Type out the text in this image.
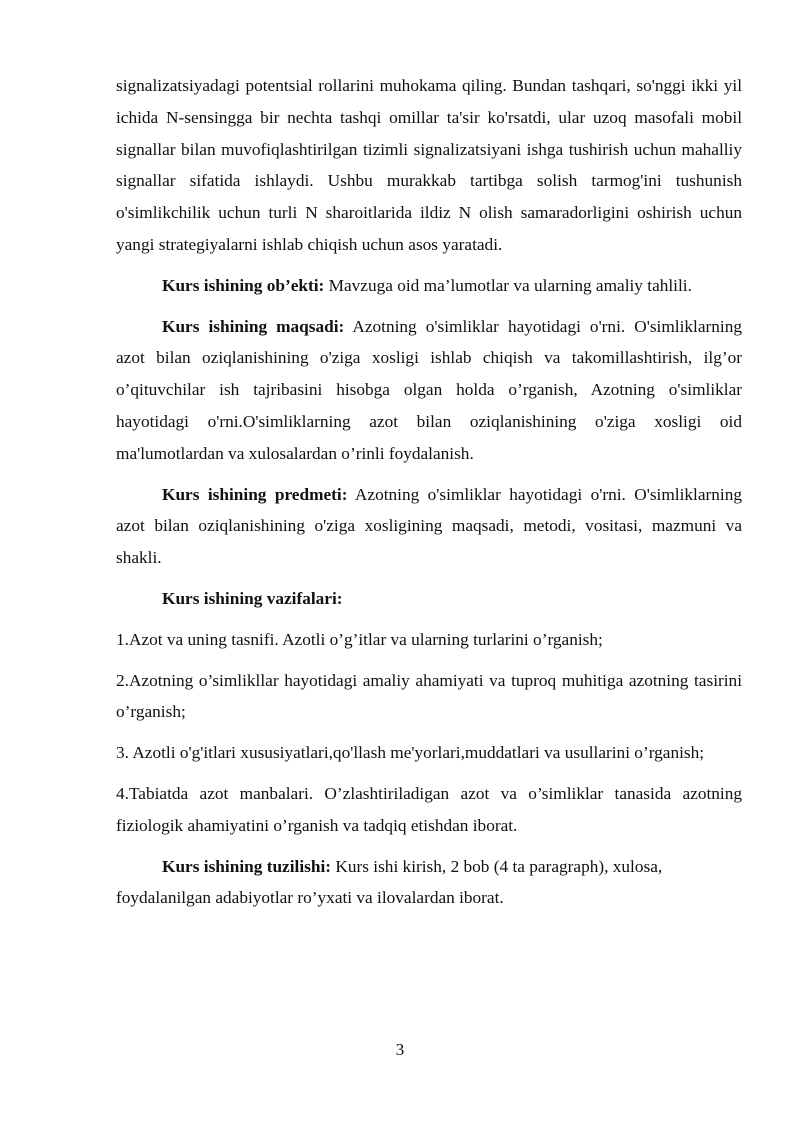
signalizatsiyadagi potentsial rollarini muhokama qiling. Bundan tashqari, so'nggi ikki yil ichida N-sensingga bir nechta tashqi omillar ta'sir ko'rsatdi, ular uzoq masofali mobil signallar bilan muvofiqlashtirilgan tizimli signalizatsiyani ishga tushirish uchun mahalliy signallar sifatida ishlaydi. Ushbu murakkab tartibga solish tarmog'ini tushunish o'simlikchilik uchun turli N sharoitlarida ildiz N olish samaradorligini oshirish uchun yangi strategiyalarni ishlab chiqish uchun asos yaratadi.

Kurs ishining ob’ekti: Mavzuga oid ma’lumotlar va ularning amaliy tahlili.

Kurs ishining maqsadi: Azotning o'simliklar hayotidagi o'rni. O'simliklarning azot bilan oziqlanishining o'ziga xosligi ishlab chiqish va takomillashtirish, ilg’or o’qituvchilar ish tajribasini hisobga olgan holda o’rganish, Azotning o'simliklar hayotidagi o'rni.O'simliklarning azot bilan oziqlanishining o'ziga xosligi oid ma'lumotlardan va xulosalardan o’rinli foydalanish.

Kurs ishining predmeti: Azotning o'simliklar hayotidagi o'rni. O'simliklarning azot bilan oziqlanishining o'ziga xosligining maqsadi, metodi, vositasi, mazmuni va shakli.

Kurs ishining vazifalari:

1.Azot va uning tasnifi. Azotli o’g’itlar va ularning turlarini o’rganish;

2.Azotning o’simlikllar hayotidagi amaliy ahamiyati va tuproq muhitiga azotning tasirini o’rganish;

3. Azotli o'g'itlari xususiyatlari,qo'llash me'yorlari,muddatlari va usullarini o’rganish;

4.Tabiatda azot manbalari. O’zlashtiriladigan azot va o’simliklar tanasida azotning fiziologik ahamiyatini o’rganish va tadqiq etishdan iborat.

Kurs ishining tuzilishi: Kurs ishi kirish, 2 bob (4 ta paragraph), xulosa, foydalanilgan adabiyotlar ro’yxati va ilovalardan iborat.

3
